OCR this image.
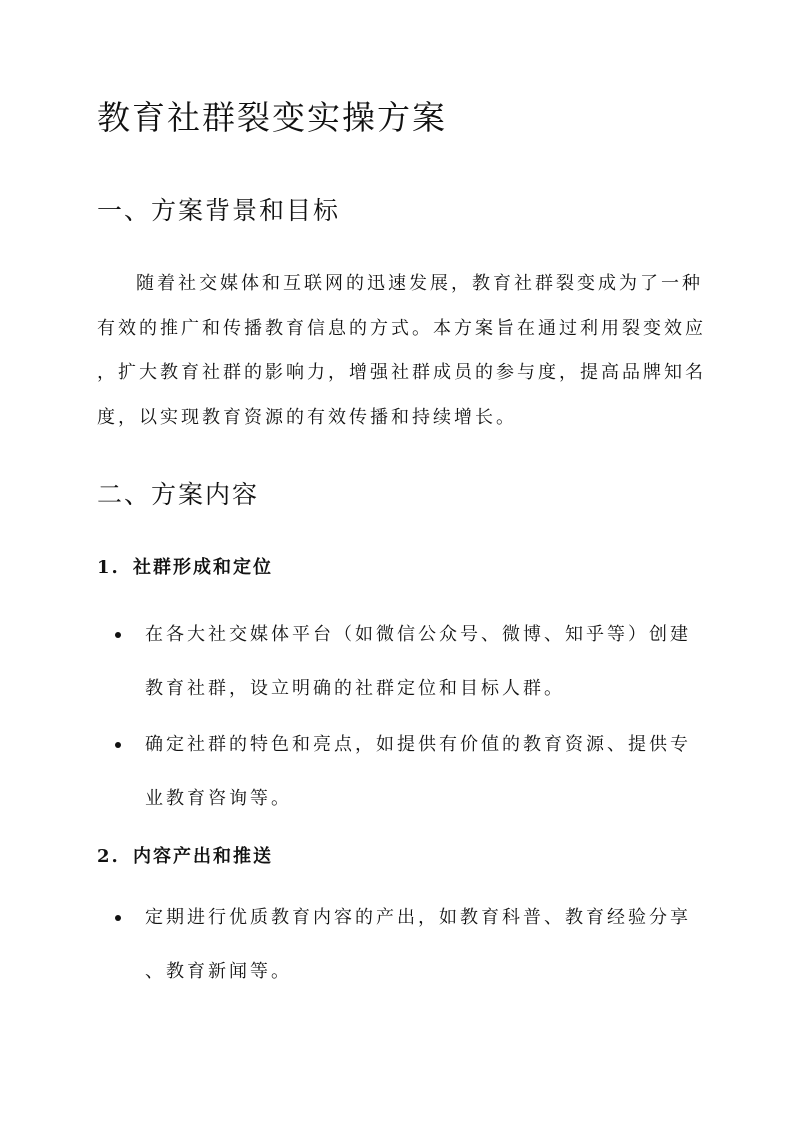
教育社群裂变实操方案
一、方案背景和目标

随着社交媒体和互联网的迅速发展，教育社群裂变成为了一种
有效的推广和传播教育信息的方式。本方案旨在通过利用裂变效应
，扩大教育社群的影响力，增强社群成员的参与度，提高品牌知名
度，以实现教育资源的有效传播和持续增长。

二、方案内容
1. 社群形成和定位
在各大社交媒体平台（如微信公众号、微博、知乎等）创建
教育社群，设立明确的社群定位和目标人群。
确定社群的特色和亮点，如提供有价值的教育资源、提供专
业教育咨询等。
2. 内容产出和推送
定期进行优质教育内容的产出，如教育科普、教育经验分享
、教育新闻等。
